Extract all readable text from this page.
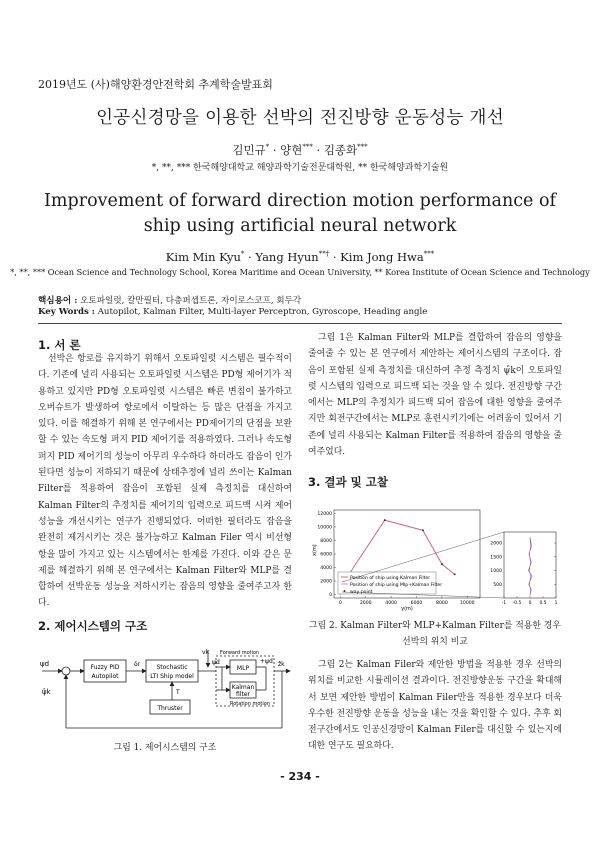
2019년도 (사)해양환경안전학회 추계학술발표회
인공신경망을 이용한 선박의 전진방향 운동성능 개선
김민규* · 양현*** · 김종화***
*, **, *** 한국해양대학교 해양과학기술전문대학원, ** 한국해양과학기술원
Improvement of forward direction motion performance of ship using artificial neural network
Kim Min Kyu* · Yang Hyun**† · Kim Jong Hwa***
*, **, *** Ocean Science and Technology School, Korea Maritime and Ocean University, ** Korea Institute of Ocean Science and Technology
핵심용어 : 오토파일럿, 칼만필터, 다층퍼셉트론, 자이로스코프, 회두각
Key Words : Autopilot, Kalman Filter, Multi-layer Perceptron, Gyroscope, Heading angle
1. 서 론
선박은 항로를 유지하기 위해서 오토파일럿 시스템은 필수적이다. 기존에 널리 사용되는 오토파일럿 시스템은 PD형 제어기가 적용하고 있지만 PD형 오토파일럿 시스템은 빠른 변침이 불가하고 오버슈트가 발생하여 항로에서 이탈하는 등 많은 단점을 가지고 있다. 이를 해결하기 위해 본 연구에서는 PD제어기의 단점을 보완할 수 있는 속도형 퍼지 PID 제어기를 적용하였다. 그러나 속도형 퍼지 PID 제어기의 성능이 아무리 우수하다 하더라도 잡음이 인가된다면 성능이 저하되기 때문에 상태추정에 널리 쓰이는 Kalman Filter를 적용하여 잡음이 포함된 실제 측정치를 대신하여 Kalman Filter의 추정치를 제어기의 입력으로 피드백 시켜 제어성능을 개선시키는 연구가 진행되었다. 어떠한 필터라도 잡음을 완전히 제거시키는 것은 불가능하고 Kalman Filer 역시 비선형 항을 많이 가지고 있는 시스템에서는 한계를 가진다. 이와 같은 문제를 해결하기 위해 본 연구에서는 Kalman Filter와 MLP를 결합하여 선박운동 성능을 저하시키는 잡음의 영향을 줄여주고자 한다.
2. 제어시스템의 구조
ψd
ψ̂k
Fuzzy PID
Autopilot
δr	Stochastic
LTI Ship model
T
Thruster
vk Forward motion
ψd	+ψd
MLP
Kalman
filter
Rotation motion
ẑk
그림 1. 제어시스템의 구조
그림 1은 Kalman Filter와 MLP를 결합하여 잡음의 영향을 줄여줄 수 있는 본 연구에서 제안하는 제어시스템의 구조이다. 잡음이 포함된 실제 측정치를 대신하여 추정 측정치 ψ̂k이 오토파일럿 시스템의 입력으로 피드백 되는 것을 알 수 있다. 전진방향 구간에서는 MLP의 추정치가 피드백 되어 잡음에 대한 영향을 줄여주지만 회전구간에서는 MLP로 훈련시키기에는 어려움이 있어서 기존에 널리 사용되는 Kalman Filter를 적용하여 잡음의 영향을 줄여주었다.
3. 결과 및 고찰
12000
10000
8000
6000
4000
2000
0
0	2000	4000	6000	8000	10000
2000
1500
1000
500
-1 -0.5 0 0.5 1
Position of ship using Kalman Filter
Position of ship using Mlp+Kalman Filter
way point
x(m)
y(m)
그림 2. Kalman Filter와 MLP+Kalman Filter를 적용한 경우
선박의 위치 비교
그림 2는 Kalman Filer와 제안한 방법을 적용한 경우 선박의 위치를 비교한 시뮬레이션 결과이다. 전진방향운동 구간을 확대해서 보면 제안한 방법이 Kalman Filer만을 적용한 경우보다 더욱 우수한 전진방향 운동을 성능을 내는 것을 확인할 수 있다. 추후 회전구간에서도 인공신경망이 Kalman Filer를 대신할 수 있는지에 대한 연구도 필요하다.
- 234 -
